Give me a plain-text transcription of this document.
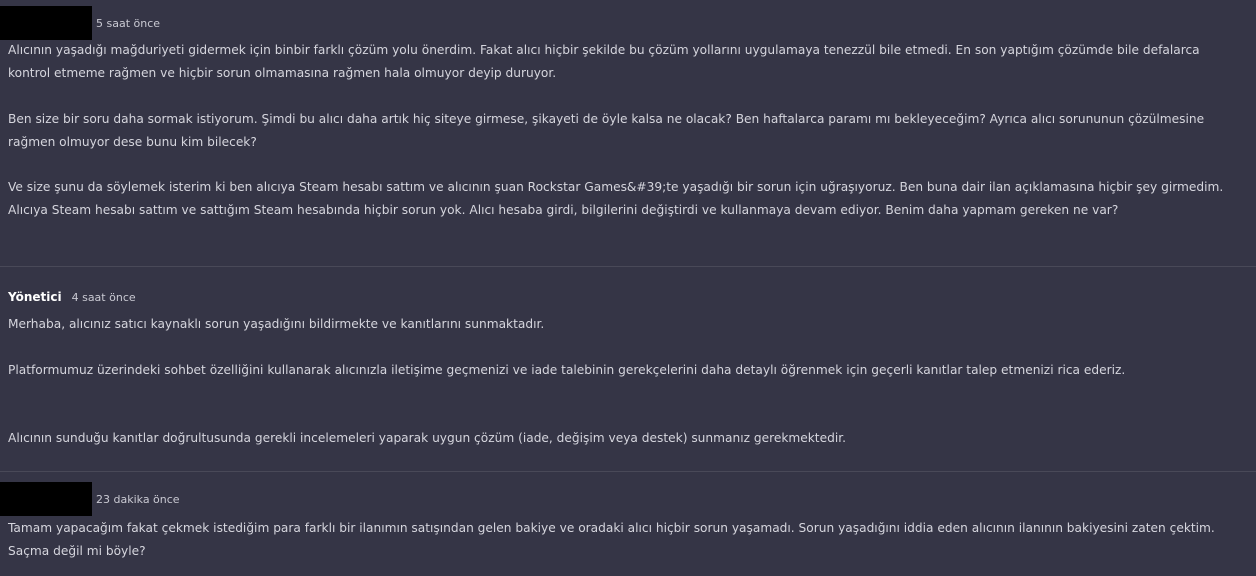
5 saat önce

Alıcının yaşadığı mağduriyeti gidermek için binbir farklı çözüm yolu önerdim. Fakat alıcı hiçbir şekilde bu çözüm yollarını uygulamaya tenezzül bile etmedi. En son yaptığım çözümde bile defalarca kontrol etmeme rağmen ve hiçbir sorun olmamasına rağmen hala olmuyor deyip duruyor.

Ben size bir soru daha sormak istiyorum. Şimdi bu alıcı daha artık hiç siteye girmese, şikayeti de öyle kalsa ne olacak? Ben haftalarca paramı mı bekleyeceğim? Ayrıca alıcı sorununun çözülmesine rağmen olmuyor dese bunu kim bilecek?

Ve size şunu da söylemek isterim ki ben alıcıya Steam hesabı sattım ve alıcının şuan Rockstar Games&#39;te yaşadığı bir sorun için uğraşıyoruz. Ben buna dair ilan açıklamasına hiçbir şey girmedim. Alıcıya Steam hesabı sattım ve sattığım Steam hesabında hiçbir sorun yok. Alıcı hesaba girdi, bilgilerini değiştirdi ve kullanmaya devam ediyor. Benim daha yapmam gereken ne var?

Yönetici 4 saat önce

Merhaba, alıcınız satıcı kaynaklı sorun yaşadığını bildirmekte ve kanıtlarını sunmaktadır.

Platformumuz üzerindeki sohbet özelliğini kullanarak alıcınızla iletişime geçmenizi ve iade talebinin gerekçelerini daha detaylı öğrenmek için geçerli kanıtlar talep etmenizi rica ederiz.

Alıcının sunduğu kanıtlar doğrultusunda gerekli incelemeleri yaparak uygun çözüm (iade, değişim veya destek) sunmanız gerekmektedir.

23 dakika önce

Tamam yapacağım fakat çekmek istediğim para farklı bir ilanımın satışından gelen bakiye ve oradaki alıcı hiçbir sorun yaşamadı. Sorun yaşadığını iddia eden alıcının ilanının bakiyesini zaten çektim. Saçma değil mi böyle?
